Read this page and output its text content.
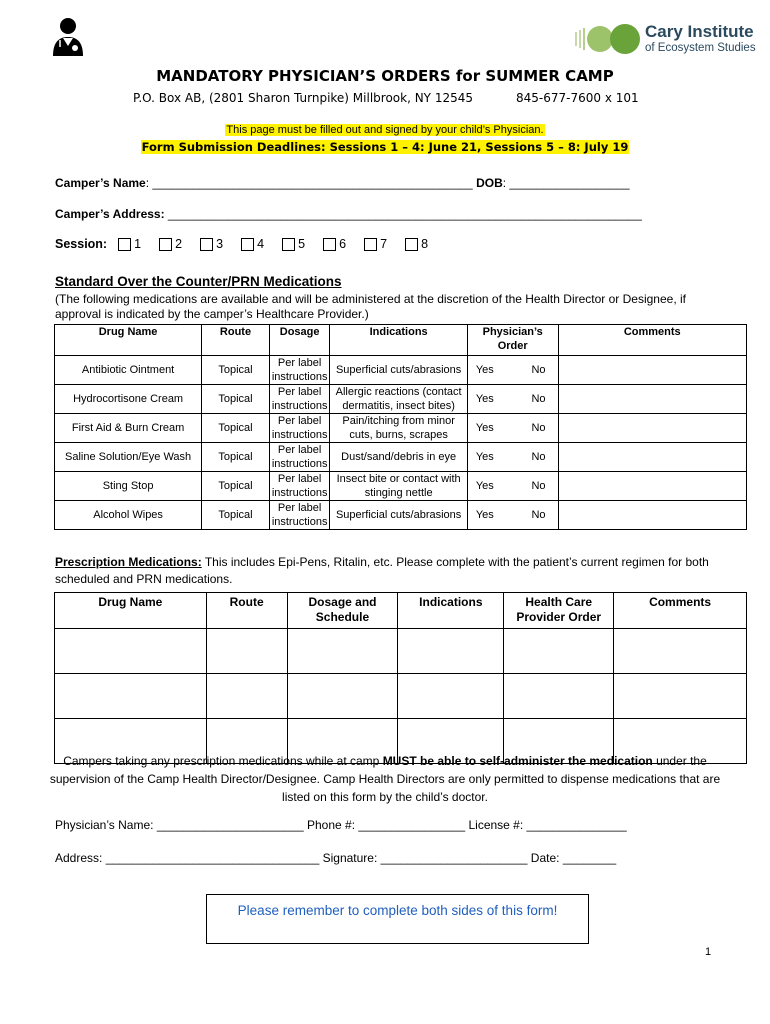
Cary Institute
of Ecosystem Studies
MANDATORY PHYSICIAN’S ORDERS for SUMMER CAMP
P.O. Box AB, (2801 Sharon Turnpike) Millbrook, NY 12545	845-677-7600 x 101
This page must be filled out and signed by your child’s Physician.
Form Submission Deadlines: Sessions 1 – 4: June 21, Sessions 5 – 8: July 19
Camper’s Name: ________________________________________________ DOB: __________________
Camper’s Address: _______________________________________________________________________
Session: 1	2	3	4	5	6	7	8
Standard Over the Counter/PRN Medications
(The following medications are available and will be administered at the discretion of the Health Director or Designee, if approval is indicated by the camper’s Healthcare Provider.)
Drug Name	Route	Dosage	Indications	Physician’s Order	Comments
Antibiotic Ointment	Topical	Per label instructions	Superficial cuts/abrasions	Yes No	

Hydrocortisone Cream	Topical	Per label instructions	Allergic reactions (contact dermatitis, insect bites)	Yes No	

First Aid & Burn Cream	Topical	Per label instructions	Pain/itching from minor cuts, burns, scrapes	Yes No	

Saline Solution/Eye Wash	Topical	Per label instructions	Dust/sand/debris in eye	Yes No	

Sting Stop	Topical	Per label instructions	Insect bite or contact with stinging nettle	Yes No	

Alcohol Wipes	Topical	Per label instructions	Superficial cuts/abrasions	Yes No	

Prescription Medications: This includes Epi-Pens, Ritalin, etc. Please complete with the patient’s current regimen for both scheduled and PRN medications.
Drug Name	Route	Dosage and Schedule	Indications	Health Care Provider Order	Comments

Campers taking any prescription medications while at camp MUST be able to self-administer the medication under the supervision of the Camp Health Director/Designee. Camp Health Directors are only permitted to dispense medications that are listed on this form by the child’s doctor.
Physician’s Name: ______________________ Phone #: ________________ License #: _______________
Address: ________________________________ Signature: ______________________ Date: ________
Please remember to complete both sides of this form!
1
